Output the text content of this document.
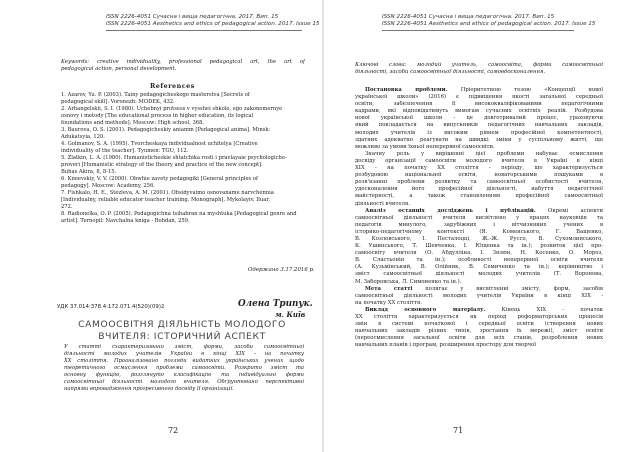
ISSN 2226-4051 Сучасна і вища педагогічна. 2017. Вип. 15
ISSN 2226-4051 Aesthetics and ethics of pedagogical action. 2017. Issue 15
Keywords: creative individuality, professional pedagogical art, the art of
pedagogical action, personal development.
References
1. Azarov, Yu. P. (2003). Tainy pedagogicheskogo masterstva [Secrets of
pedagogical skill]. Voronezh: MODEK, 432.
2. Arhangelskii, S. I. (1980). Uchebnyi protsess v vysshei shkole, ego zakonomernye
osnovy i metody [The educational process in higher education, its logical
foundations and methods]. Moscow: High school, 368.
3. Baurova, O. S. (2001). Pedagogicheskiy aniamm [Pedagogical anima]. Minsk:
Adukatsyia, 120.
4. Golmanov, S. A. (1995). Tvorcheskaya individualnost uchitelya [Creative
individuality of the teacher]. Tyumen: TGU, 112.
5. Zlatkin, L. A. (1980). Humanisticheskie shtatchika rosti i pravlayaie psychologiche-
proveri [Humanistic strategy of the theory and practice of the new concept].
Buhas Akira, 8, 8-15.
6. Kneevskiy, V. V. (2000). Obwhie zavety pedagogiki [General principles of
pedagogy]. Moscow: Academy, 256.
7. Fishkalo, H. E., Stezleva, A. M. (2001). Obsidyvaimo osnovaname narvchennia
[Individualny, reliable educator teacher training. Monograph]. Mykolayiv. Iluar,
272.
8. Radionelka, O. P. (2005). Pedagogichna tsihabran na myshtuka [Pedagogical genre and
artist]. Ternopil: Navchalna kniga - Bohdan, 259.
Одержано 3.17.2016 р.
УДК 37.014:378.4:172.071.4(520)(09)2	Олена Трипук.
м. Київ
САМООСВІТНЯ ДІЯЛЬНІСТЬ МОЛОДОГО
ВЧИТЕЛЯ: ІСТОРИЧНИЙ АСПЕКТ
У статті схарактеризовано зміст, форми, засоби самоосвітньої
діяльності молодих учителів України в кінці XIX - на початку
XX століття. Проаналізовано погляди видатних українських учених щодо
теоретичного осмислення проблеми самоосвіти. Розкрито зміст та
основну функцію, розглянуто класифікацію та індивідуальні форми
самоосвітньої діяльності молодого вчителя. Обґрунтовано перспективні
напрями впровадження прогресивного досвіду її організації.
72
ISSN 2226-4051 Сучасна і вища педагогічна. 2017. Вип. 15
ISSN 2226-4051 Aesthetics and ethics of pedagogical action. 2017. Issue 15
Ключові слова: молодий учитель, самоосвіта, форми самоосвітньої
діяльності, засоби самоосвітньої діяльності, самовдосконалення.
Постановка проблеми. Пріоритетною тезою «Концепції нової
української школи» (2016) є підвищення якості загальної середньої
освіти, забезпечення її висококваліфікованими педагогічними
кадрами, які відповідатимуть вимогам сучасних освітніх реалій. Розбудова
нової української школи - це довготривалий процес, ураховуючи
який покладається на випускників педагогічних навчальних закладів,
молодих учителів із високим рівнем професійної компетентності,
здатних адекватно реагувати на швидкі зміни у суспільному житті, що
можливо за умови їхньої неперервної самоосвіти.
Значну роль у вирішенні цієї проблеми набуває осмислення
досвіду організації самоосвіти молодого вчителя в Україні в кінці
XIX - на початку XX століття - періоду, що характеризується
розбудовою національної освіти, новаторськими пошуками в
розв'язанні проблеми розвитку та самоосвітньої особистості вчителя,
удосконалення його професійної діяльності, набуття педагогічної
майстерності, а також становленням професійної самоосвітньої
діяльності вчителя.
Аналіз останніх досліджень і публікацій. Окремі аспекти
самоосвітньої діяльності вчителя висвітлено у працях науковців та
педагогів минулого, зарубіжних і вітчизняних учених в
історико-педагогічному контексті (Я. Коменського, Г. Ващенко,
В. Козловського, І. Песталоцці, Ж.-Ж. Руссо, В. Сухомлинського,
К. Ушинського, Т. Шевченка, І. Ющенка та ін.); розвиток цієї про-
самоосвіту вчителя (О. Абдулліна, І. Зязюн, Н. Косенко, О. Мороз,
В. Сластьонін та ін.); особливості неперервної освіти вчителя
(А. Кузьмінський, В. Олійник, В. Семиченко та ін.); керівництво і
зміст самоосвітньої діяльності молодих учителів (Т. Воронова,
М. Заборовська, Л. Симоненко та ін.).
Мета статті полягає у висвітленні змісту, форм, засобів
самоосвітньої діяльності молодих учителів України в кінці XIX -
на початку XX століття.
Виклад основного матеріалу. Кінець XIX - початок
XX століття характеризується як період реформаторських процесів
змін в системі початкової і середньої освіти (створення нових
навчальних закладів різних типів, зростання їх мережі), зміст освіти
(переосмислення загальної освіти для всіх станів, розроблення нових
навчальних планів і програм, розширення простору для творчої
71
